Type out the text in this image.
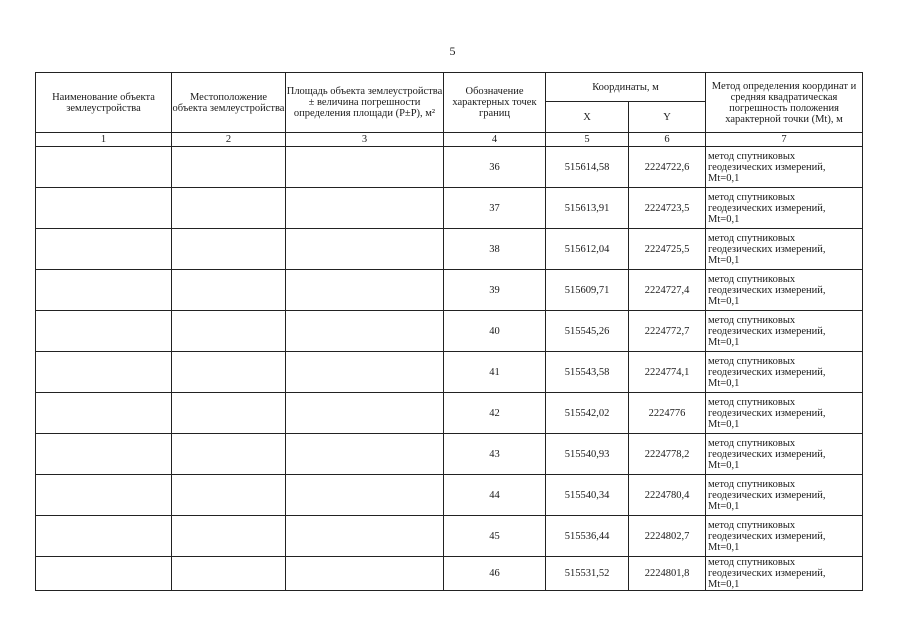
5
Наименование объекта землеустройства	Местоположение объекта землеустройства	Площадь объекта землеустройства ± величина погрешности определения площади (P±P), м²	Обозначение характерных точек границ	Координаты, м		Метод определения координат и средняя квадратическая погрешность положения характерной точки (Mt), м
				X	Y	
1	2	3	4	5	6	7
			36	515614,58	2224722,6	метод спутниковых
геодезических измерений,
Mt=0,1

			37	515613,91	2224723,5	метод спутниковых
геодезических измерений,
Mt=0,1

			38	515612,04	2224725,5	метод спутниковых
геодезических измерений,
Mt=0,1

			39	515609,71	2224727,4	метод спутниковых
геодезических измерений,
Mt=0,1

			40	515545,26	2224772,7	метод спутниковых
геодезических измерений,
Mt=0,1

			41	515543,58	2224774,1	метод спутниковых
геодезических измерений,
Mt=0,1

			42	515542,02	2224776	метод спутниковых
геодезических измерений,
Mt=0,1

			43	515540,93	2224778,2	метод спутниковых
геодезических измерений,
Mt=0,1

			44	515540,34	2224780,4	метод спутниковых
геодезических измерений,
Mt=0,1

			45	515536,44	2224802,7	метод спутниковых
геодезических измерений,
Mt=0,1

			46	515531,52	2224801,8	метод спутниковых
геодезических измерений,
Mt=0,1
